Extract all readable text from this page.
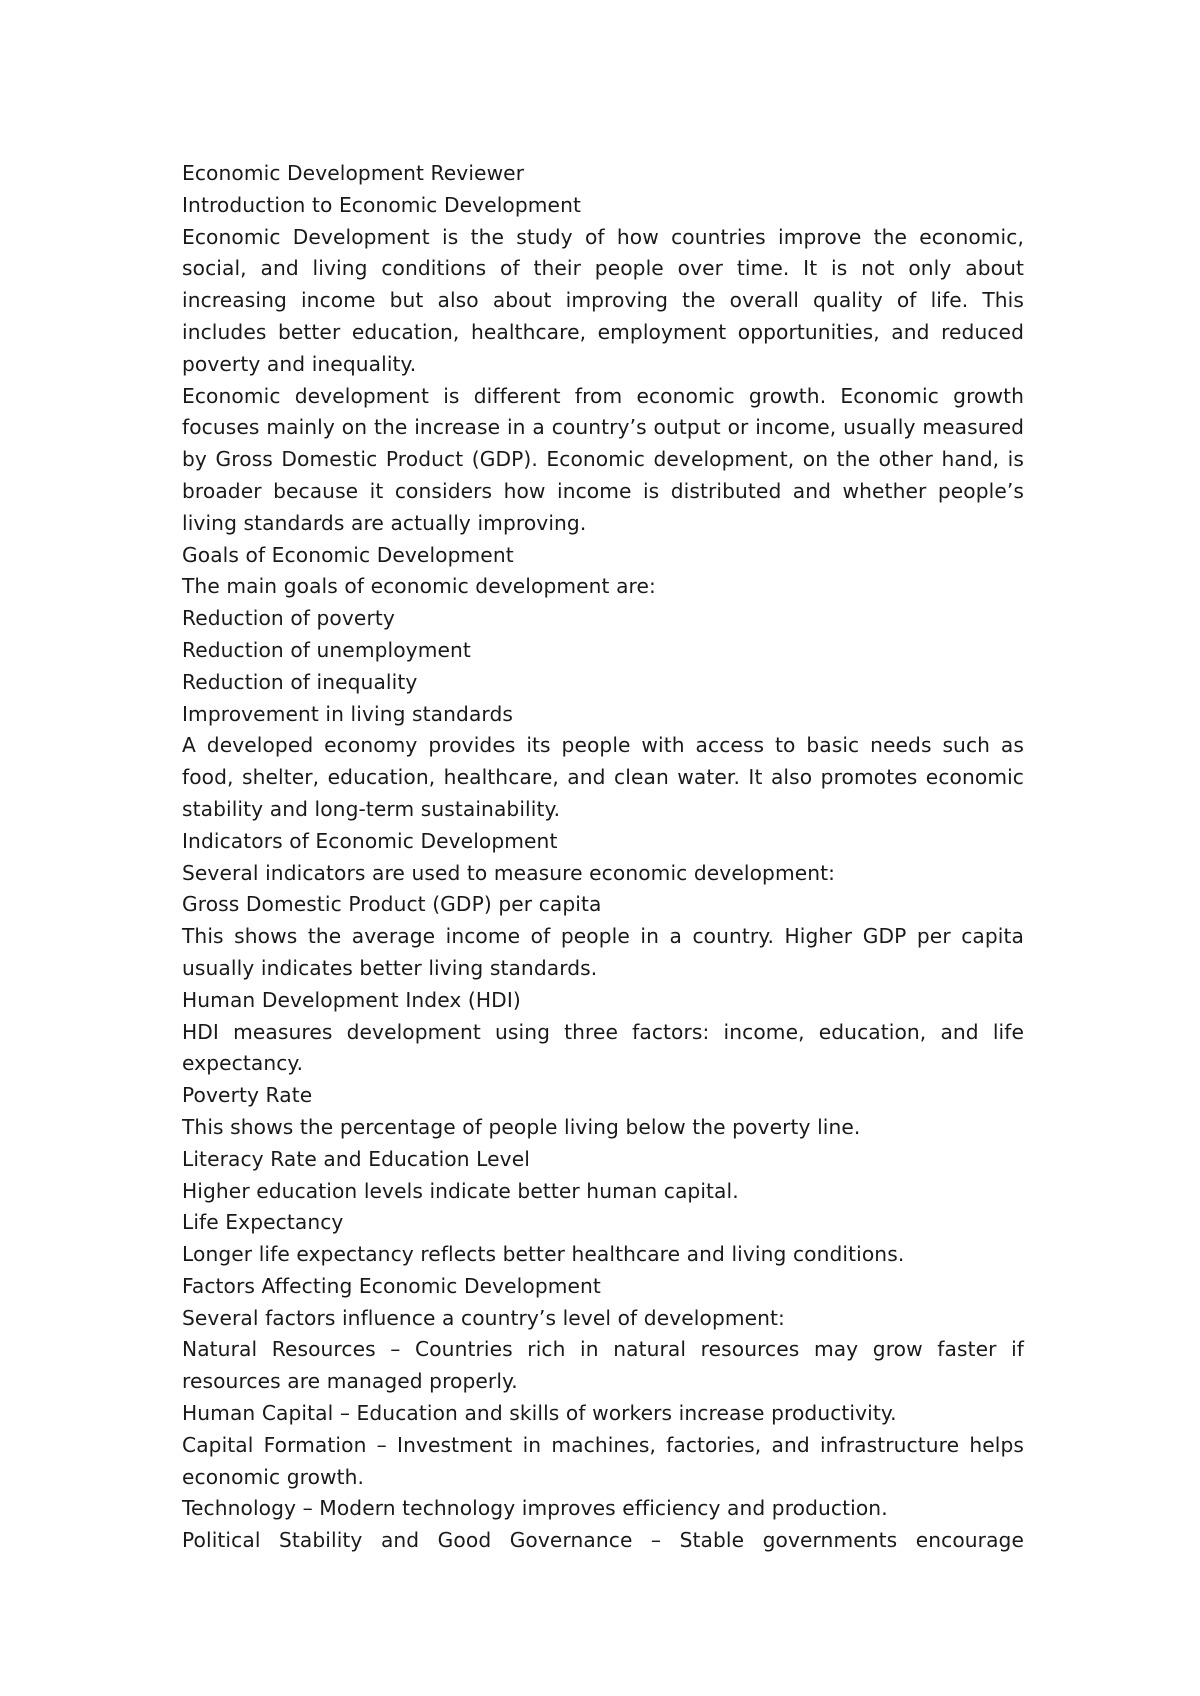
Economic Development Reviewer

Introduction to Economic Development

Economic Development is the study of how countries improve the economic, social, and living conditions of their people over time. It is not only about increasing income but also about improving the overall quality of life. This includes better education, healthcare, employment opportunities, and reduced poverty and inequality.

Economic development is different from economic growth. Economic growth focuses mainly on the increase in a country’s output or income, usually measured by Gross Domestic Product (GDP). Economic development, on the other hand, is broader because it considers how income is distributed and whether people’s living standards are actually improving.

Goals of Economic Development

The main goals of economic development are:

Reduction of poverty

Reduction of unemployment

Reduction of inequality

Improvement in living standards

A developed economy provides its people with access to basic needs such as food, shelter, education, healthcare, and clean water. It also promotes economic stability and long-term sustainability.

Indicators of Economic Development

Several indicators are used to measure economic development:

Gross Domestic Product (GDP) per capita

This shows the average income of people in a country. Higher GDP per capita usually indicates better living standards.

Human Development Index (HDI)

HDI measures development using three factors: income, education, and life expectancy.

Poverty Rate

This shows the percentage of people living below the poverty line.

Literacy Rate and Education Level

Higher education levels indicate better human capital.

Life Expectancy

Longer life expectancy reflects better healthcare and living conditions.

Factors Affecting Economic Development

Several factors influence a country’s level of development:

Natural Resources – Countries rich in natural resources may grow faster if resources are managed properly.

Human Capital – Education and skills of workers increase productivity.

Capital Formation – Investment in machines, factories, and infrastructure helps economic growth.

Technology – Modern technology improves efficiency and production.

Political Stability and Good Governance – Stable governments encourage
